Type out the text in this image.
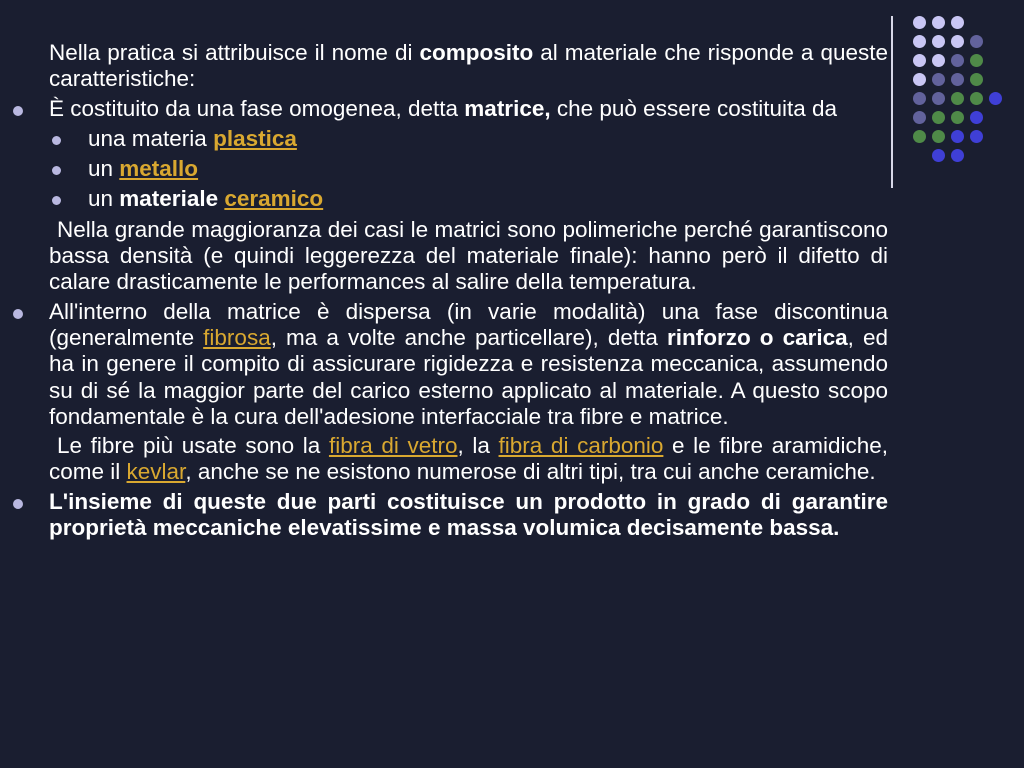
Nella pratica si attribuisce il nome di composito al materiale che risponde a queste caratteristiche:

È costituito da una fase omogenea, detta matrice, che può essere costituita da
una materia plastica
un metallo
un materiale ceramico

Nella grande maggioranza dei casi le matrici sono polimeriche perché garantiscono bassa densità (e quindi leggerezza del materiale finale): hanno però il difetto di calare drasticamente le performances al salire della temperatura.

All'interno della matrice è dispersa (in varie modalità) una fase discontinua (generalmente fibrosa, ma a volte anche particellare), detta rinforzo o carica, ed ha in genere il compito di assicurare rigidezza e resistenza meccanica, assumendo su di sé la maggior parte del carico esterno applicato al materiale. A questo scopo fondamentale è la cura dell'adesione interfacciale tra fibre e matrice.

Le fibre più usate sono la fibra di vetro, la fibra di carbonio e le fibre aramidiche, come il kevlar, anche se ne esistono numerose di altri tipi, tra cui anche ceramiche.

L'insieme di queste due parti costituisce un prodotto in grado di garantire proprietà meccaniche elevatissime e massa volumica decisamente bassa.
